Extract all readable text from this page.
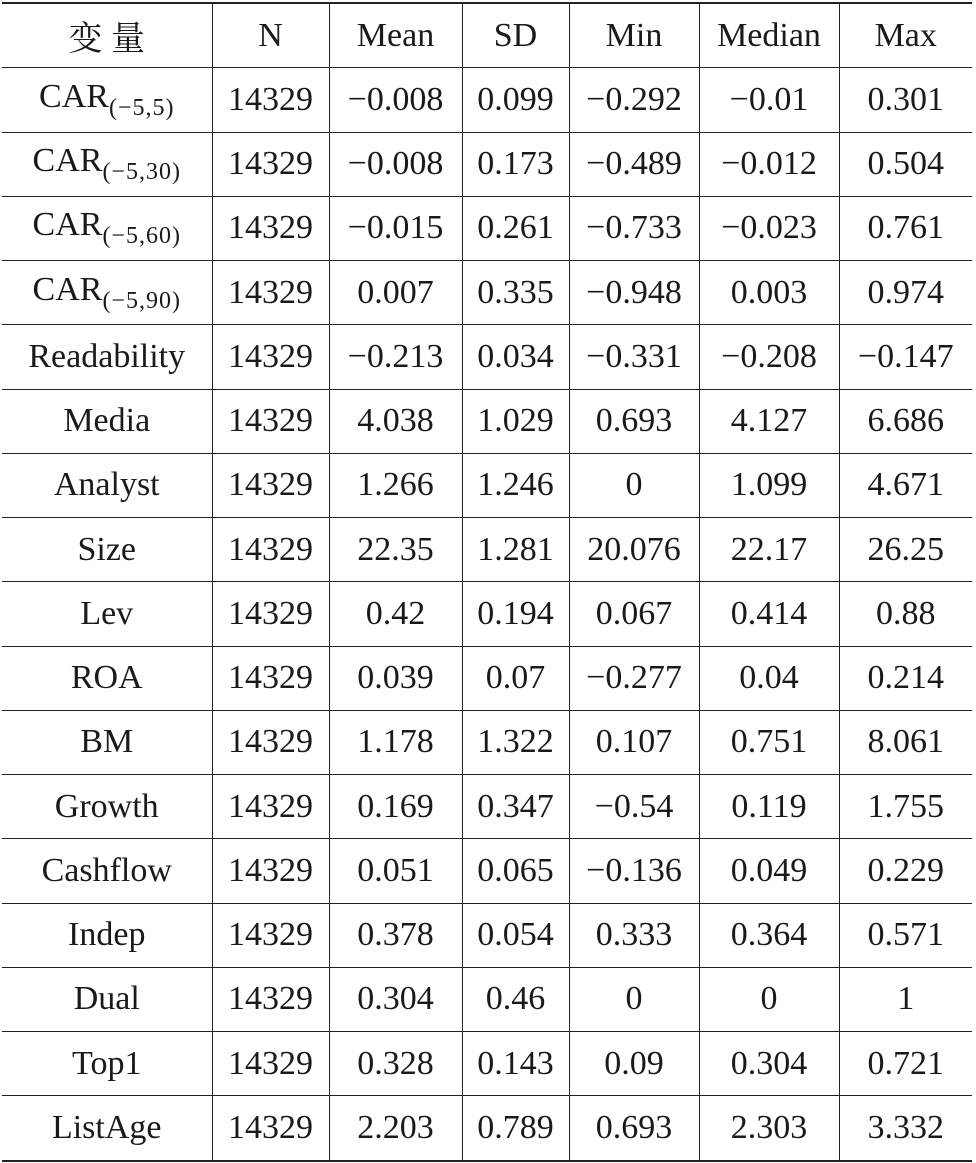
变 量	N	Mean	SD	Min	Median	Max
$CAR_{(-5,5)}$	14329	−0.008	0.099	−0.292	−0.01	0.301
$CAR_{(-5,30)}$	14329	−0.008	0.173	−0.489	−0.012	0.504
$CAR_{(-5,60)}$	14329	−0.015	0.261	−0.733	−0.023	0.761
$CAR_{(-5,90)}$	14329	0.007	0.335	−0.948	0.003	0.974
Readability	14329	−0.213	0.034	−0.331	−0.208	−0.147
Media	14329	4.038	1.029	0.693	4.127	6.686
Analyst	14329	1.266	1.246	0	1.099	4.671
Size	14329	22.35	1.281	20.076	22.17	26.25
Lev	14329	0.42	0.194	0.067	0.414	0.88
ROA	14329	0.039	0.07	−0.277	0.04	0.214
BM	14329	1.178	1.322	0.107	0.751	8.061
Growth	14329	0.169	0.347	−0.54	0.119	1.755
Cashflow	14329	0.051	0.065	−0.136	0.049	0.229
Indep	14329	0.378	0.054	0.333	0.364	0.571
Dual	14329	0.304	0.46	0	0	1
Top1	14329	0.328	0.143	0.09	0.304	0.721
ListAge	14329	2.203	0.789	0.693	2.303	3.332
